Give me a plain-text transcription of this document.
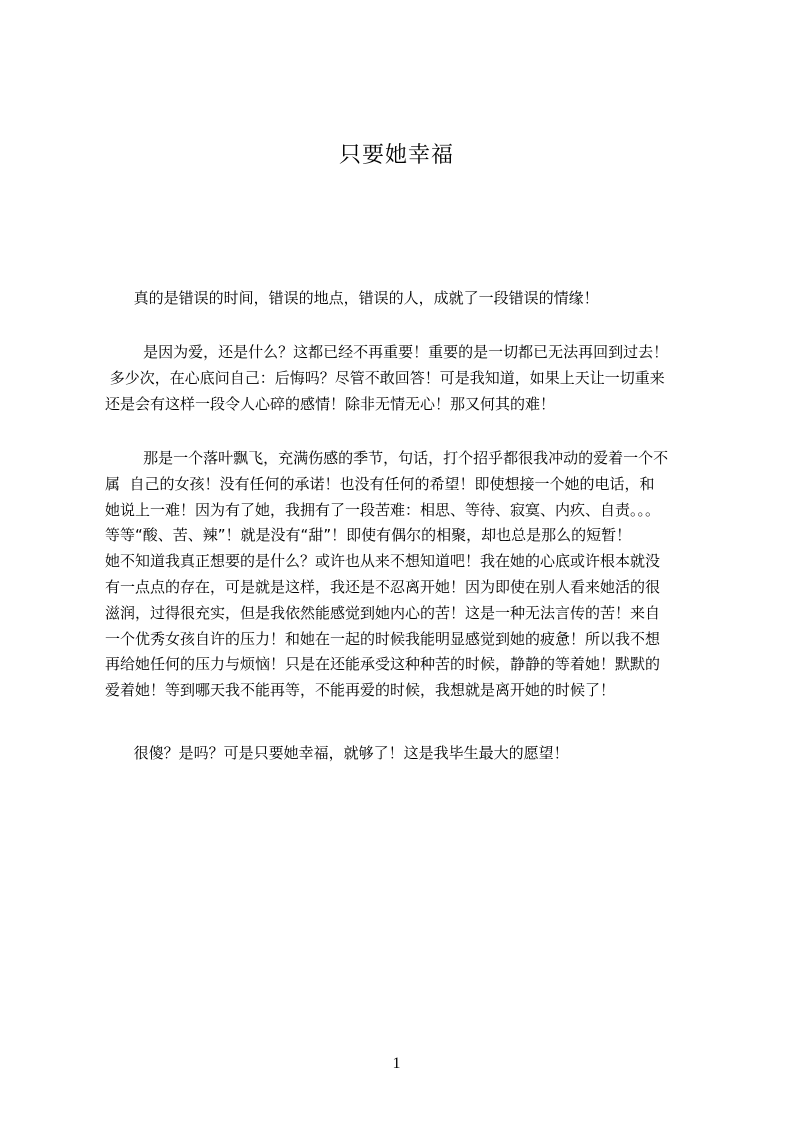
只要她幸福
真的是错误的时间，错误的地点，错误的人，成就了一段错误的情缘！
是因为爱，还是什么？这都已经不再重要！重要的是一切都已无法再回到过去！
多少次，在心底问自己：后悔吗？尽管不敢回答！可是我知道，如果上天让一切重来
还是会有这样一段令人心碎的感情！除非无情无心！那又何其的难！
那是一个落叶飘飞，充满伤感的季节，句话，打个招乎都很我冲动的爱着一个不
属  自己的女孩！没有任何的承诺！也没有任何的希望！即使想接一个她的电话，和
她说上一难！因为有了她，我拥有了一段苦难：相思、等待、寂寞、内疚、自责。。。
等等“酸、苦、辣”！就是没有“甜”！即使有偶尔的相聚，却也总是那么的短暂！
她不知道我真正想要的是什么？或许也从来不想知道吧！我在她的心底或许根本就没
有一点点的存在，可是就是这样，我还是不忍离开她！因为即使在别人看来她活的很
滋润，过得很充实，但是我依然能感觉到她内心的苦！这是一种无法言传的苦！来自
一个优秀女孩自许的压力！和她在一起的时候我能明显感觉到她的疲惫！所以我不想
再给她任何的压力与烦恼！只是在还能承受这种种苦的时候，静静的等着她！默默的
爱着她！等到哪天我不能再等，不能再爱的时候，我想就是离开她的时候了！
很傻？是吗？可是只要她幸福，就够了！这是我毕生最大的愿望！
1
